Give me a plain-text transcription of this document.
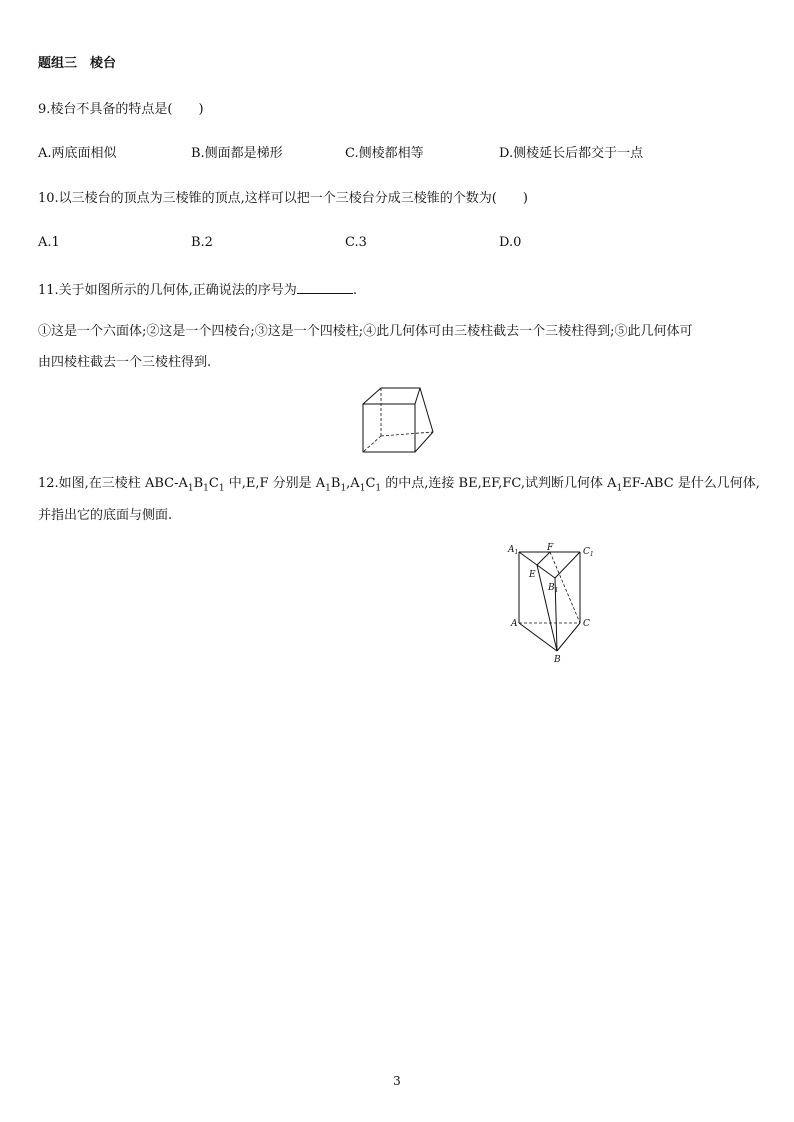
题组三　棱台
9.棱台不具备的特点是(　　)
A.两底面相似	B.侧面都是梯形	C.侧棱都相等	D.侧棱延长后都交于一点
10.以三棱台的顶点为三棱锥的顶点,这样可以把一个三棱台分成三棱锥的个数为(　　)
A.1	B.2	C.3	D.0
11.关于如图所示的几何体,正确说法的序号为	.
①这是一个六面体;②这是一个四棱台;③这是一个四棱柱;④此几何体可由三棱柱截去一个三棱柱得到;⑤此几何体可
由四棱柱截去一个三棱柱得到.
12.如图,在三棱柱 ABC-$A_1B_1C_1$ 中,E,F 分别是 $A_1B_1,A_1C_1$ 的中点,连接 BE,EF,FC,试判断几何体 $A_1EF$-ABC 是什么几何体,
并指出它的底面与侧面.
$A_1$	F	$C_1$
E
$B_1$
A	C
B
3
